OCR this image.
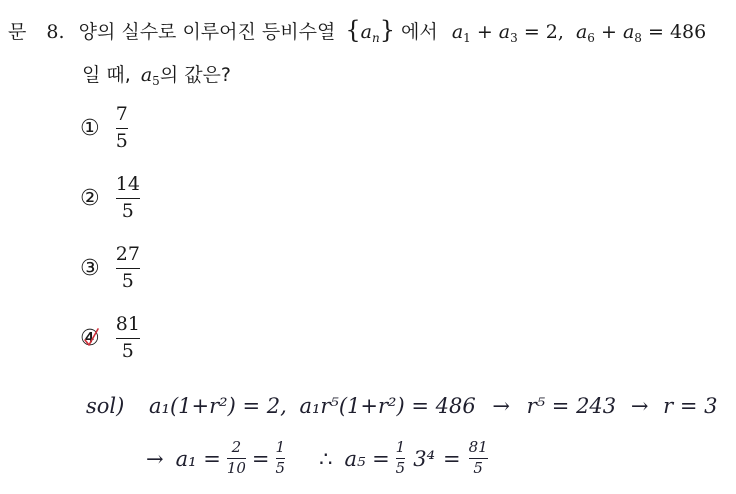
문 8. 양의 실수로 이루어진 등비수열 $\{a_n\}$ 에서 $a_1 + a_3 = 2$, $a_6 + a_8 = 486$
일 때, $a_5$의 값은?
① $\frac{7}{5}$
② $\frac{14}{5}$
③ $\frac{27}{5}$
④ $\frac{81}{5}$
sol) a₁(1+r²) = 2, a₁r⁵(1+r²) = 486 → r⁵ = 243 → r = 3
→ $a_1 = \frac{2}{10} = \frac{1}{5}$ ∴ $a_5 = \frac{1}{5} 3^4 = \frac{81}{5}$
